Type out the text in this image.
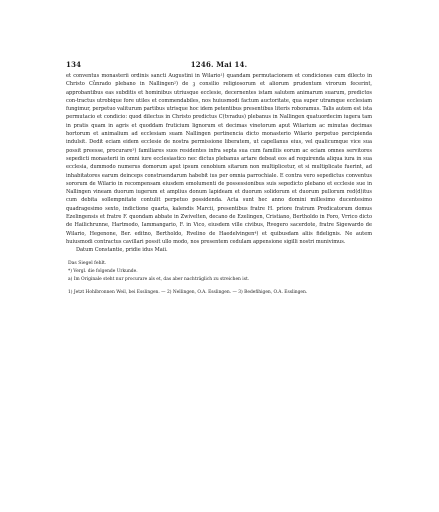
134	1246. Mai 14.

et conventus monasterii ordinis sancti Augustini in Wilario¹) quandam permutacionem et condiciones cum dilecto in Christo Cůnrado plebano in Nallingen²) de ꝫ consilio religiosorum et aliorum prudentum virorum fecerint, approbantibus eas subditis et hominibus utriusque ecclesie, decernentes istam salutem animarum suarum, predictos con-tractus utrobique fore utiles et commendabiles, nos huiusmodi factum auctoritate, qua super utramque ecclesiam fungimur, perpetuo valiturum partibus utrisque hoc idem petentibus presentibus literis roboramus. Talis autem est ista permutacio et condicio: quod dilectus in Christo predictus C(tvradus) plebanus in Nallingen quatuordecim iugera tam in pratis quam in agris et quoddam fruticium lignorum et decimas vinetorum aput Wilarium ac minutas decimas hortorum et animalium ad ecclesiam suam Nallingen pertinencia dicto monasterio Wilario perpetuo percipienda indulsit. Dedit eciam eidem ecclesie de nostra permissione liberatem, ut capellanus eius, vel qualicumque vice sua possit preesse, procurare³) familiares suos residentes infra septa sua cum familiis eorum ac eciam omnes servitores sepedicti monasterii in omni iure ecclesiastico nec dictus plebanus artare debeat eos ad requirenda aliqua iura in sua ecclesia, dummodo numerus domorum aput ipsum cenobium sitarum non multiplicetur, et si multiplicate fuerint, ad inhabitatores earum deinceps construendarum habebit ius per omnia parrochiale. E contra vero sepedictus conventus sororum de Wilario in recompensam eiusdem emolumenti de possessionibus suis sepedicto plebano et ecclesie sue in Nallingen vineam duorum iugerum et amplius donum lapideam et duorum solidorum et duorum pullorum red(d)itus cum debita sollempnitate contulit perpetuo possidenda. Acta sunt hec anno domini millesimo ducentesimo quadragesimo sexto, indictione quarta, kalendis Marcii, presentibus fratre H. priore fratrum Predicatorum domus Ezelingensis et fratre F. quondam abbate in Zwivelten, decano de Ezelingen, Cristiano, Bertholdo in Foro, Vrrico dicto de Hailichrunne, Hartmodo, Iammangario, F. in Vico, eiusdem ville civibus, Rvegero sacerdote, fratre Sigewardo de Wilario, Hegenone, Ber. editno, Bertholdo, Rvelino de Haedelvingen⁴) et quibusdam aliis fidelignis. Ne autem huiusmodi contractus cavillari possit ullo modo, nos presentem cedulam appensione sigilli nostri munivimus.

Datum Constantie, pridie idus Maii.

Das Siegel fehlt.
*) Vergl. die folgende Urkunde.
a) Im Originale steht nur procurare als et, das aber nachträglich zu streichen ist.
1) Jetzt Hohlbronnen Weil, bei Esslingen. — 2) Nellingen, O.A. Esslingen. — 3) Bedefihigen, O.A. Esslingen.
